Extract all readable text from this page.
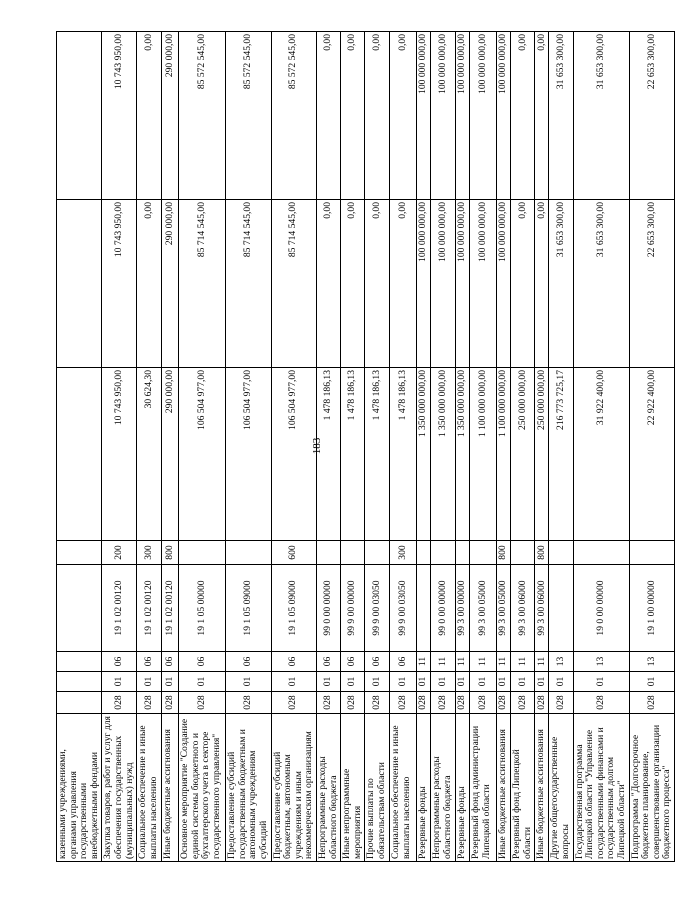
183
казенными учреждениями, органами управления государственными внебюджетными фондами								
Закупка товаров, работ и услуг для обеспечения государственных (муниципальных) нужд	028	01	06	19 1 02 00120	200	10 743 950,00	10 743 950,00	10 743 950,00
Социальное обеспечение и иные выплаты населению	028	01	06	19 1 02 00120	300	30 624,30	0,00	0,00
Иные бюджетные ассигнования	028	01	06	19 1 02 00120	800	290 000,00	290 000,00	290 000,00
Основное мероприятие "Создание единой системы бюджетного и бухгалтерского учета в секторе государственного управления"	028	01	06	19 1 05 00000		106 504 977,00	85 714 545,00	85 572 545,00
Предоставление субсидий государственным бюджетным и автономным учреждениям субсидий	028	01	06	19 1 05 09000		106 504 977,00	85 714 545,00	85 572 545,00
Предоставление субсидий бюджетным, автономным учреждениям и иным некоммерческим организациям	028	01	06	19 1 05 09000	600	106 504 977,00	85 714 545,00	85 572 545,00
Непрограммные расходы областного бюджета	028	01	06	99 0 00 00000		1 478 186,13	0,00	0,00
Иные непрограммные мероприятия	028	01	06	99 9 00 00000		1 478 186,13	0,00	0,00
Прочие выплаты по обязательствам области	028	01	06	99 9 00 03050		1 478 186,13	0,00	0,00
Социальное обеспечение и иные выплаты населению	028	01	06	99 9 00 03050	300	1 478 186,13	0,00	0,00
Резервные фонды	028	01	11			1 350 000 000,00	100 000 000,00	100 000 000,00
Непрограммные расходы областного бюджета	028	01	11	99 0 00 00000		1 350 000 000,00	100 000 000,00	100 000 000,00
Резервные фонды	028	01	11	99 3 00 00000		1 350 000 000,00	100 000 000,00	100 000 000,00
Резервный фонд администрации Липецкой области	028	01	11	99 3 00 05000		1 100 000 000,00	100 000 000,00	100 000 000,00
Иные бюджетные ассигнования	028	01	11	99 3 00 05000	800	1 100 000 000,00	100 000 000,00	100 000 000,00
Резервный фонд Липецкой области	028	01	11	99 3 00 06000		250 000 000,00	0,00	0,00
Иные бюджетные ассигнования	028	01	11	99 3 00 06000	800	250 000 000,00	0,00	0,00
Другие общегосударственные вопросы	028	01	13			216 773 725,17	31 653 300,00	31 653 300,00
Государственная программа Липецкой области "Управление государственными финансами и государственным долгом Липецкой области"	028	01	13	19 0 00 00000		31 922 400,00	31 653 300,00	31 653 300,00
Подпрограмма "Долгосрочное бюджетное планирование, совершенствование организации бюджетного процесса"	028	01	13	19 1 00 00000		22 922 400,00	22 653 300,00	22 653 300,00
